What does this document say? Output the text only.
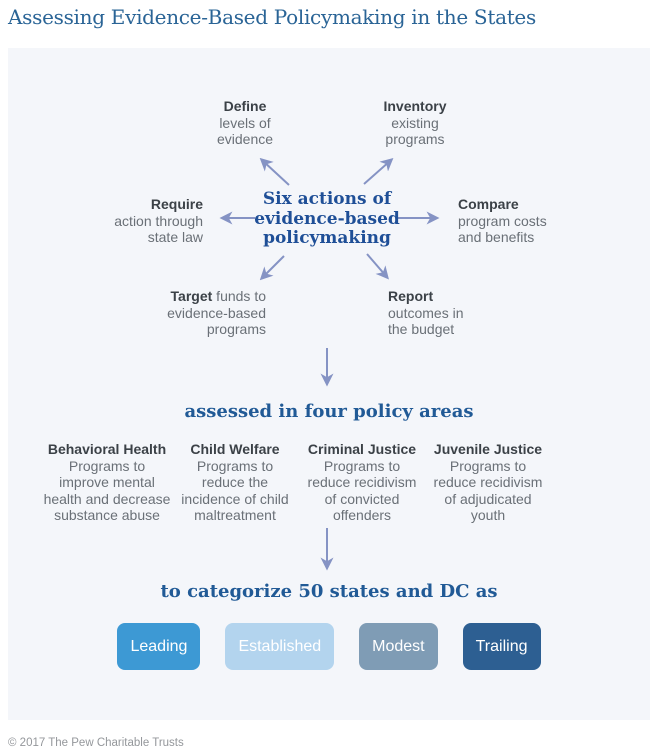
Assessing Evidence-Based Policymaking in the States
Define
levels of
evidence
Inventory
existing
programs
Require
action through
state law
Compare
program costs
and benefits
Target funds to
evidence-based
programs
Report
outcomes in
the budget
Six actions of
evidence-based
policymaking
assessed in four policy areas
Behavioral Health
Programs to
improve mental
health and decrease
substance abuse
Child Welfare
Programs to
reduce the
incidence of child
maltreatment
Criminal Justice
Programs to
reduce recidivism
of convicted
offenders
Juvenile Justice
Programs to
reduce recidivism
of adjudicated
youth
to categorize 50 states and DC as
Leading	Established	Modest	Trailing
© 2017 The Pew Charitable Trusts
